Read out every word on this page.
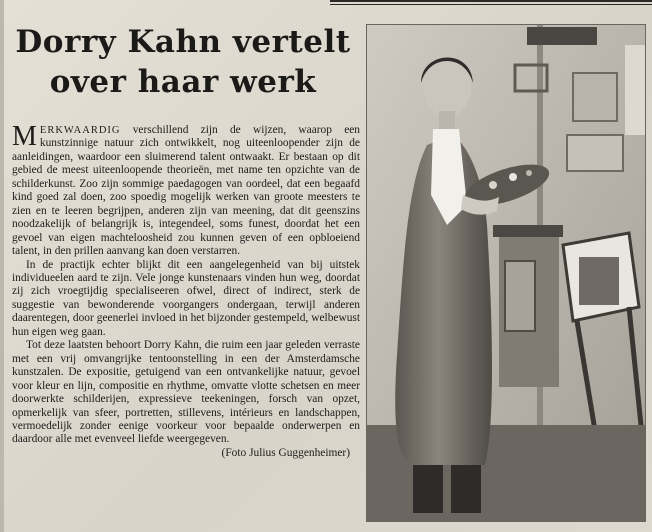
Dorry Kahn vertelt
over haar werk

MERKWAARDIG verschillend zijn de wijzen, waarop een kunstzinnige natuur zich ontwikkelt, nog uiteenloopender zijn de aanleidingen, waardoor een sluimerend talent ontwaakt. Er bestaan op dit gebied de meest uiteenloopende theorieën, met name ten opzichte van de schilderkunst. Zoo zijn sommige paedagogen van oordeel, dat een begaafd kind goed zal doen, zoo spoedig mogelijk werken van groote meesters te zien en te leeren begrijpen, anderen zijn van meening, dat dit geenszins noodzakelijk of belangrijk is, integendeel, soms funest, doordat het een gevoel van eigen machteloosheid zou kunnen geven of een opbloeiend talent, in den prillen aanvang kan doen verstarren.

In de practijk echter blijkt dit een aangelegenheid van bij uitstek individueelen aard te zijn. Vele jonge kunstenaars vinden hun weg, doordat zij zich vroegtijdig specialiseeren ofwel, direct of indirect, sterk de suggestie van bewonderende voorgangers ondergaan, terwijl anderen daarentegen, door geenerlei invloed in het bijzonder gestempeld, welbewust hun eigen weg gaan.

Tot deze laatsten behoort Dorry Kahn, die ruim een jaar geleden verraste met een vrij omvangrijke tentoonstelling in een der Amsterdamsche kunstzalen. De expositie, getuigend van een ontvankelijke natuur, gevoel voor kleur en lijn, compositie en rhythme, omvatte vlotte schetsen en meer doorwerkte schilderijen, expressieve teekeningen, forsch van opzet, opmerkelijk van sfeer, portretten, stillevens, intérieurs en landschappen, vermoedelijk zonder eenige voorkeur voor bepaalde onderwerpen en daardoor alle met evenveel liefde weergegeven.
(Foto Julius Guggenheimer)
